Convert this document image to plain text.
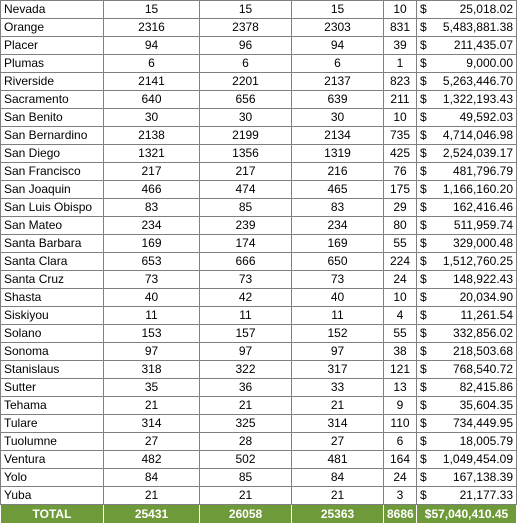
Nevada	15	15	15	10	$ 25,018.02

Orange	2316	2378	2303	831	$ 5,483,881.38

Placer	94	96	94	39	$ 211,435.07

Plumas	6	6	6	1	$ 9,000.00

Riverside	2141	2201	2137	823	$ 5,263,446.70

Sacramento	640	656	639	211	$ 1,322,193.43

San Benito	30	30	30	10	$ 49,592.03

San Bernardino	2138	2199	2134	735	$ 4,714,046.98

San Diego	1321	1356	1319	425	$ 2,524,039.17

San Francisco	217	217	216	76	$ 481,796.79

San Joaquin	466	474	465	175	$ 1,166,160.20

San Luis Obispo	83	85	83	29	$ 162,416.46

San Mateo	234	239	234	80	$ 511,959.74

Santa Barbara	169	174	169	55	$ 329,000.48

Santa Clara	653	666	650	224	$ 1,512,760.25

Santa Cruz	73	73	73	24	$ 148,922.43

Shasta	40	42	40	10	$ 20,034.90

Siskiyou	11	11	11	4	$ 11,261.54

Solano	153	157	152	55	$ 332,856.02

Sonoma	97	97	97	38	$ 218,503.68

Stanislaus	318	322	317	121	$ 768,540.72

Sutter	35	36	33	13	$ 82,415.86

Tehama	21	21	21	9	$ 35,604.35

Tulare	314	325	314	110	$ 734,449.95

Tuolumne	27	28	27	6	$ 18,005.79

Ventura	482	502	481	164	$ 1,049,454.09

Yolo	84	85	84	24	$ 167,138.39

Yuba	21	21	21	3	$ 21,177.33

TOTAL	25431	26058	25363	8686	$57,040,410.45
